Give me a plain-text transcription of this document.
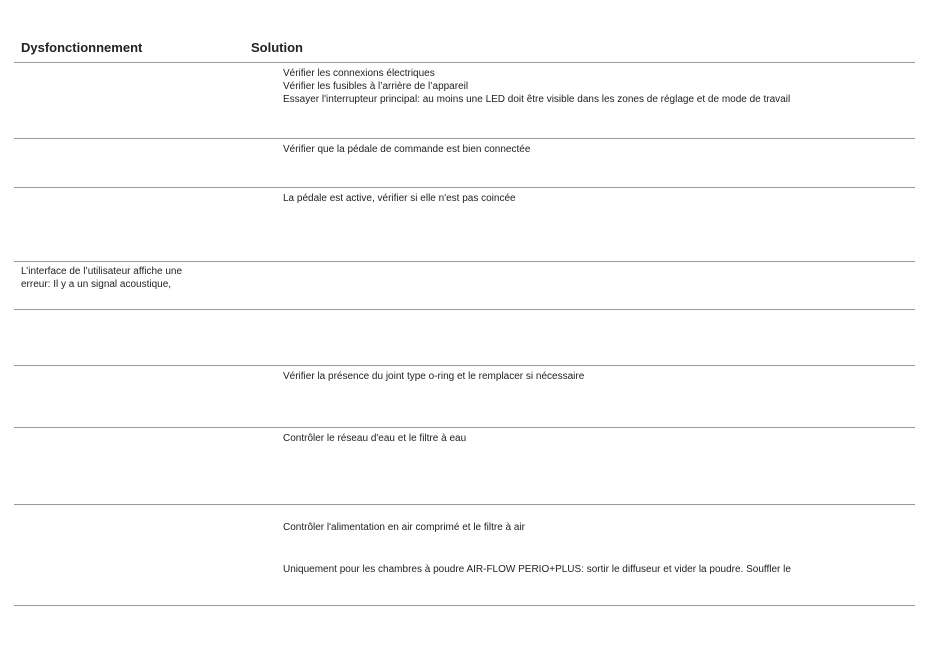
Dysfonctionnement	Solution
Vérifier les connexions électriques
Vérifier les fusibles à l’arrière de l’appareil
Essayer l'interrupteur principal: au moins une LED doit être visible dans les zones de réglage et de mode de travail
Vérifier que la pédale de commande est bien connectée
La pédale est active, vérifier si elle n'est pas coincée
L’interface de l’utilisateur affiche une
erreur: Il y a un signal acoustique,
Vérifier la présence du joint type o-ring et le remplacer si nécessaire
Contrôler le réseau d'eau et le filtre à eau
Contrôler l'alimentation en air comprimé et le filtre à air
Uniquement pour les chambres à poudre AIR-FLOW PERIO+PLUS: sortir le diffuseur et vider la poudre. Souffler le
